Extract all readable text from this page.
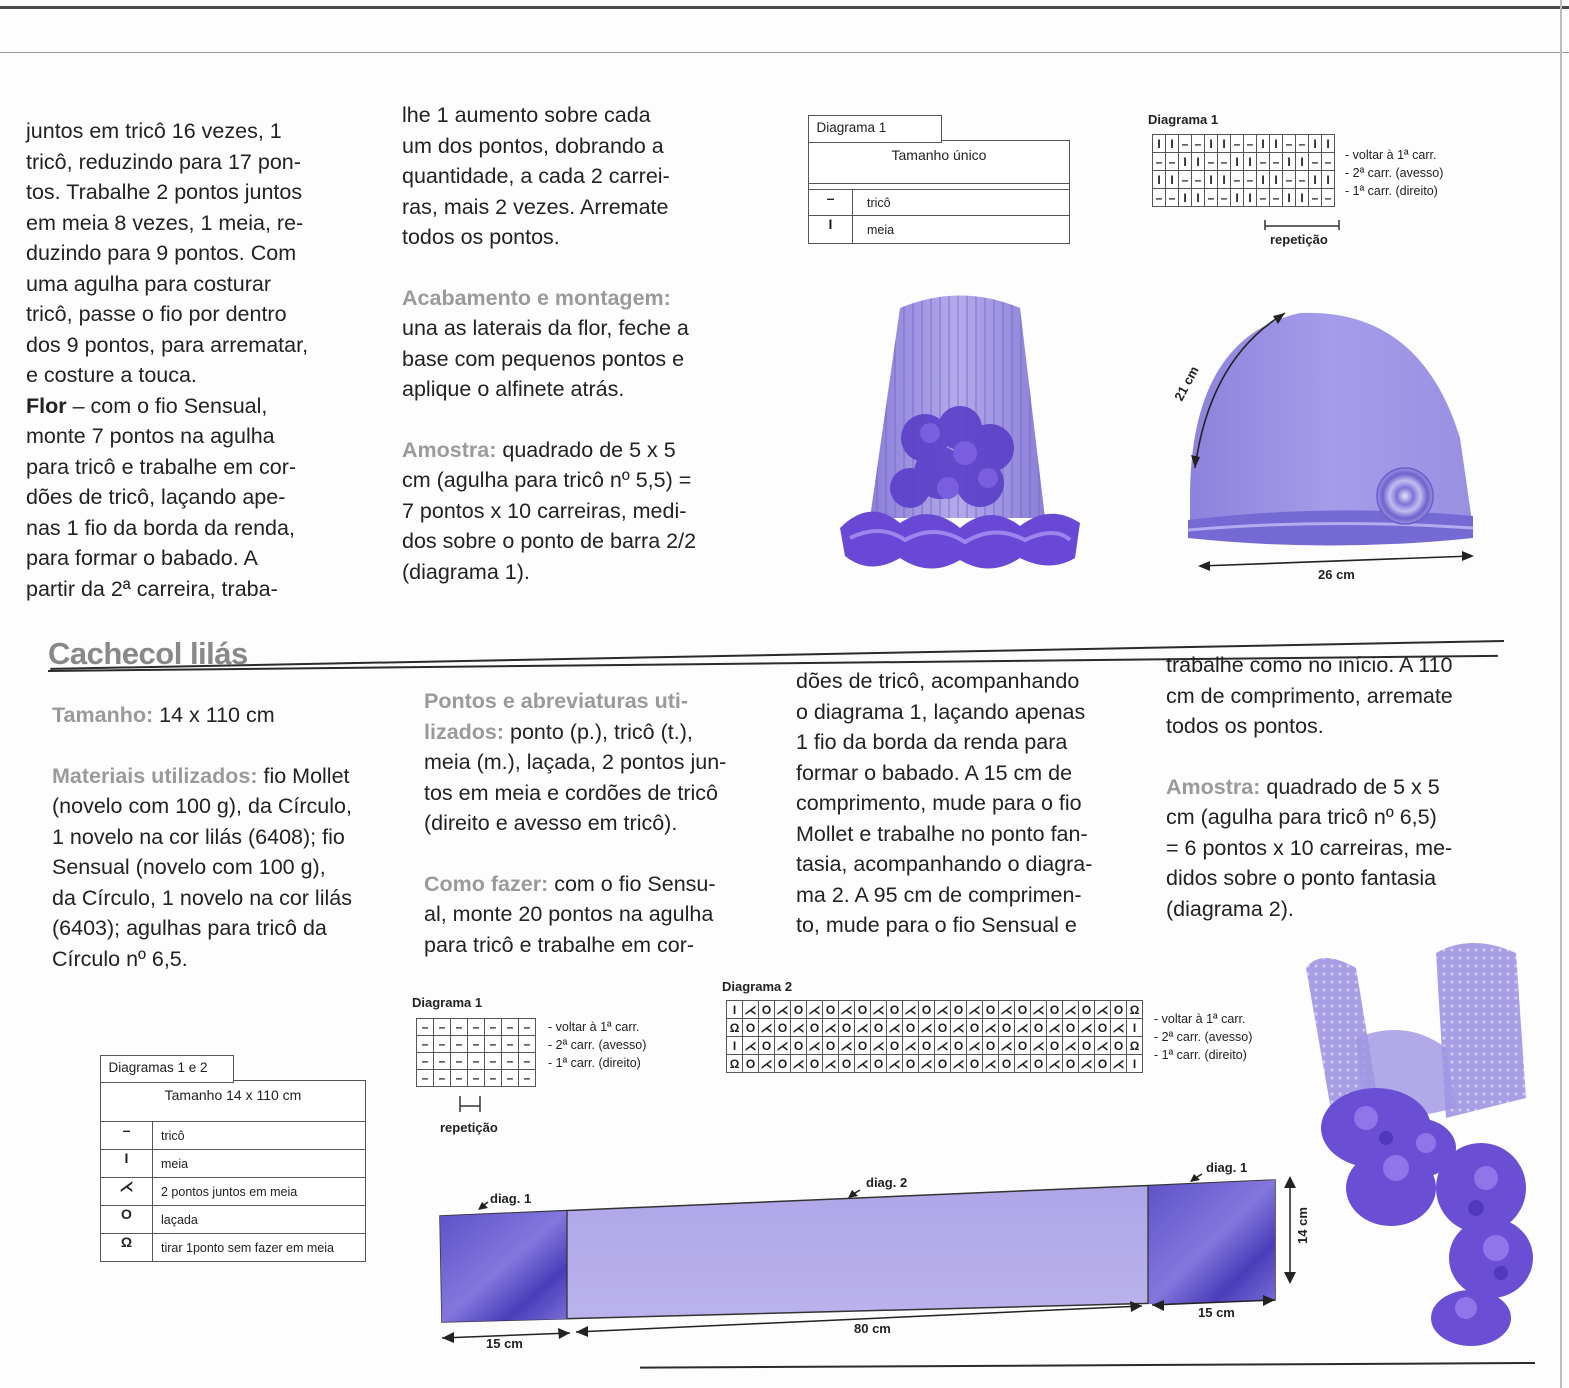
juntos em tricô 16 vezes, 1
tricô, reduzindo para 17 pon-
tos. Trabalhe 2 pontos juntos
em meia 8 vezes, 1 meia, re-
duzindo para 9 pontos. Com
uma agulha para costurar
tricô, passe o fio por dentro
dos 9 pontos, para arrematar,
e costure a touca.
Flor – com o fio Sensual,
monte 7 pontos na agulha
para tricô e trabalhe em cor-
dões de tricô, laçando ape-
nas 1 fio da borda da renda,
para formar o babado. A
partir da 2ª carreira, traba-
lhe 1 aumento sobre cada
um dos pontos, dobrando a
quantidade, a cada 2 carrei-
ras, mais 2 vezes. Arremate
todos os pontos.
Acabamento e montagem:
una as laterais da flor, feche a
base com pequenos pontos e
aplique o alfinete atrás.
Amostra: quadrado de 5 x 5
cm (agulha para tricô nº 5,5) =
7 pontos x 10 carreiras, medi-
dos sobre o ponto de barra 2/2
(diagrama 1).
Diagrama 1
Tamanho único
–	tricô
I	meia
Diagrama 1
I	I	–	–	I	I	–	–	I	I	–	–	I	I
–	–	I	I	–	–	I	I	–	–	I	I	–	–
I	I	–	–	I	I	–	–	I	I	–	–	I	I
–	–	I	I	–	–	I	I	–	–	I	I	–	–
- voltar à 1ª carr.
- 2ª carr. (avesso)
- 1ª carr. (direito)
repetição
21 cm
26 cm
Cachecol lilás
Tamanho: 14 x 110 cm
Materiais utilizados: fio Mollet
(novelo com 100 g), da Círculo,
1 novelo na cor lilás (6408); fio
Sensual (novelo com 100 g),
da Círculo, 1 novelo na cor lilás
(6403); agulhas para tricô da
Círculo nº 6,5.
Pontos e abreviaturas uti-
lizados: ponto (p.), tricô (t.),
meia (m.), laçada, 2 pontos jun-
tos em meia e cordões de tricô
(direito e avesso em tricô).
Como fazer: com o fio Sensu-
al, monte 20 pontos na agulha
para tricô e trabalhe em cor-
dões de tricô, acompanhando
o diagrama 1, laçando apenas
1 fio da borda da renda para
formar o babado. A 15 cm de
comprimento, mude para o fio
Mollet e trabalhe no ponto fan-
tasia, acompanhando o diagra-
ma 2. A 95 cm de comprimen-
to, mude para o fio Sensual e
trabalhe como no início. A 110
cm de comprimento, arremate
todos os pontos.
Amostra: quadrado de 5 x 5
cm (agulha para tricô nº 6,5)
= 6 pontos x 10 carreiras, me-
didos sobre o ponto fantasia
(diagrama 2).
Diagramas 1 e 2
Tamanho 14 x 110 cm
–	tricô
I	meia
⋌	2 pontos juntos em meia
O	laçada
Ω	tirar 1ponto sem fazer em meia
Diagrama 1
–	–	–	–	–	–	–
–	–	–	–	–	–	–
–	–	–	–	–	–	–
–	–	–	–	–	–	–
- voltar à 1ª carr.
- 2ª carr. (avesso)
- 1ª carr. (direito)
repetição
Diagrama 2
I	⋌	O	⋌	O	⋌	O	⋌	O	⋌	O	⋌	O	⋌	O	⋌	O	⋌	O	⋌	O	⋌	O	⋌	O	Ω
Ω	O	⋌	O	⋌	O	⋌	O	⋌	O	⋌	O	⋌	O	⋌	O	⋌	O	⋌	O	⋌	O	⋌	O	⋌	I
I	⋌	O	⋌	O	⋌	O	⋌	O	⋌	O	⋌	O	⋌	O	⋌	O	⋌	O	⋌	O	⋌	O	⋌	O	Ω
Ω	O	⋌	O	⋌	O	⋌	O	⋌	O	⋌	O	⋌	O	⋌	O	⋌	O	⋌	O	⋌	O	⋌	O	⋌	I
- voltar à 1ª carr.
- 2ª carr. (avesso)
- 1ª carr. (direito)
diag. 1
diag. 2
diag. 1
15 cm
80 cm
15 cm
14 cm
